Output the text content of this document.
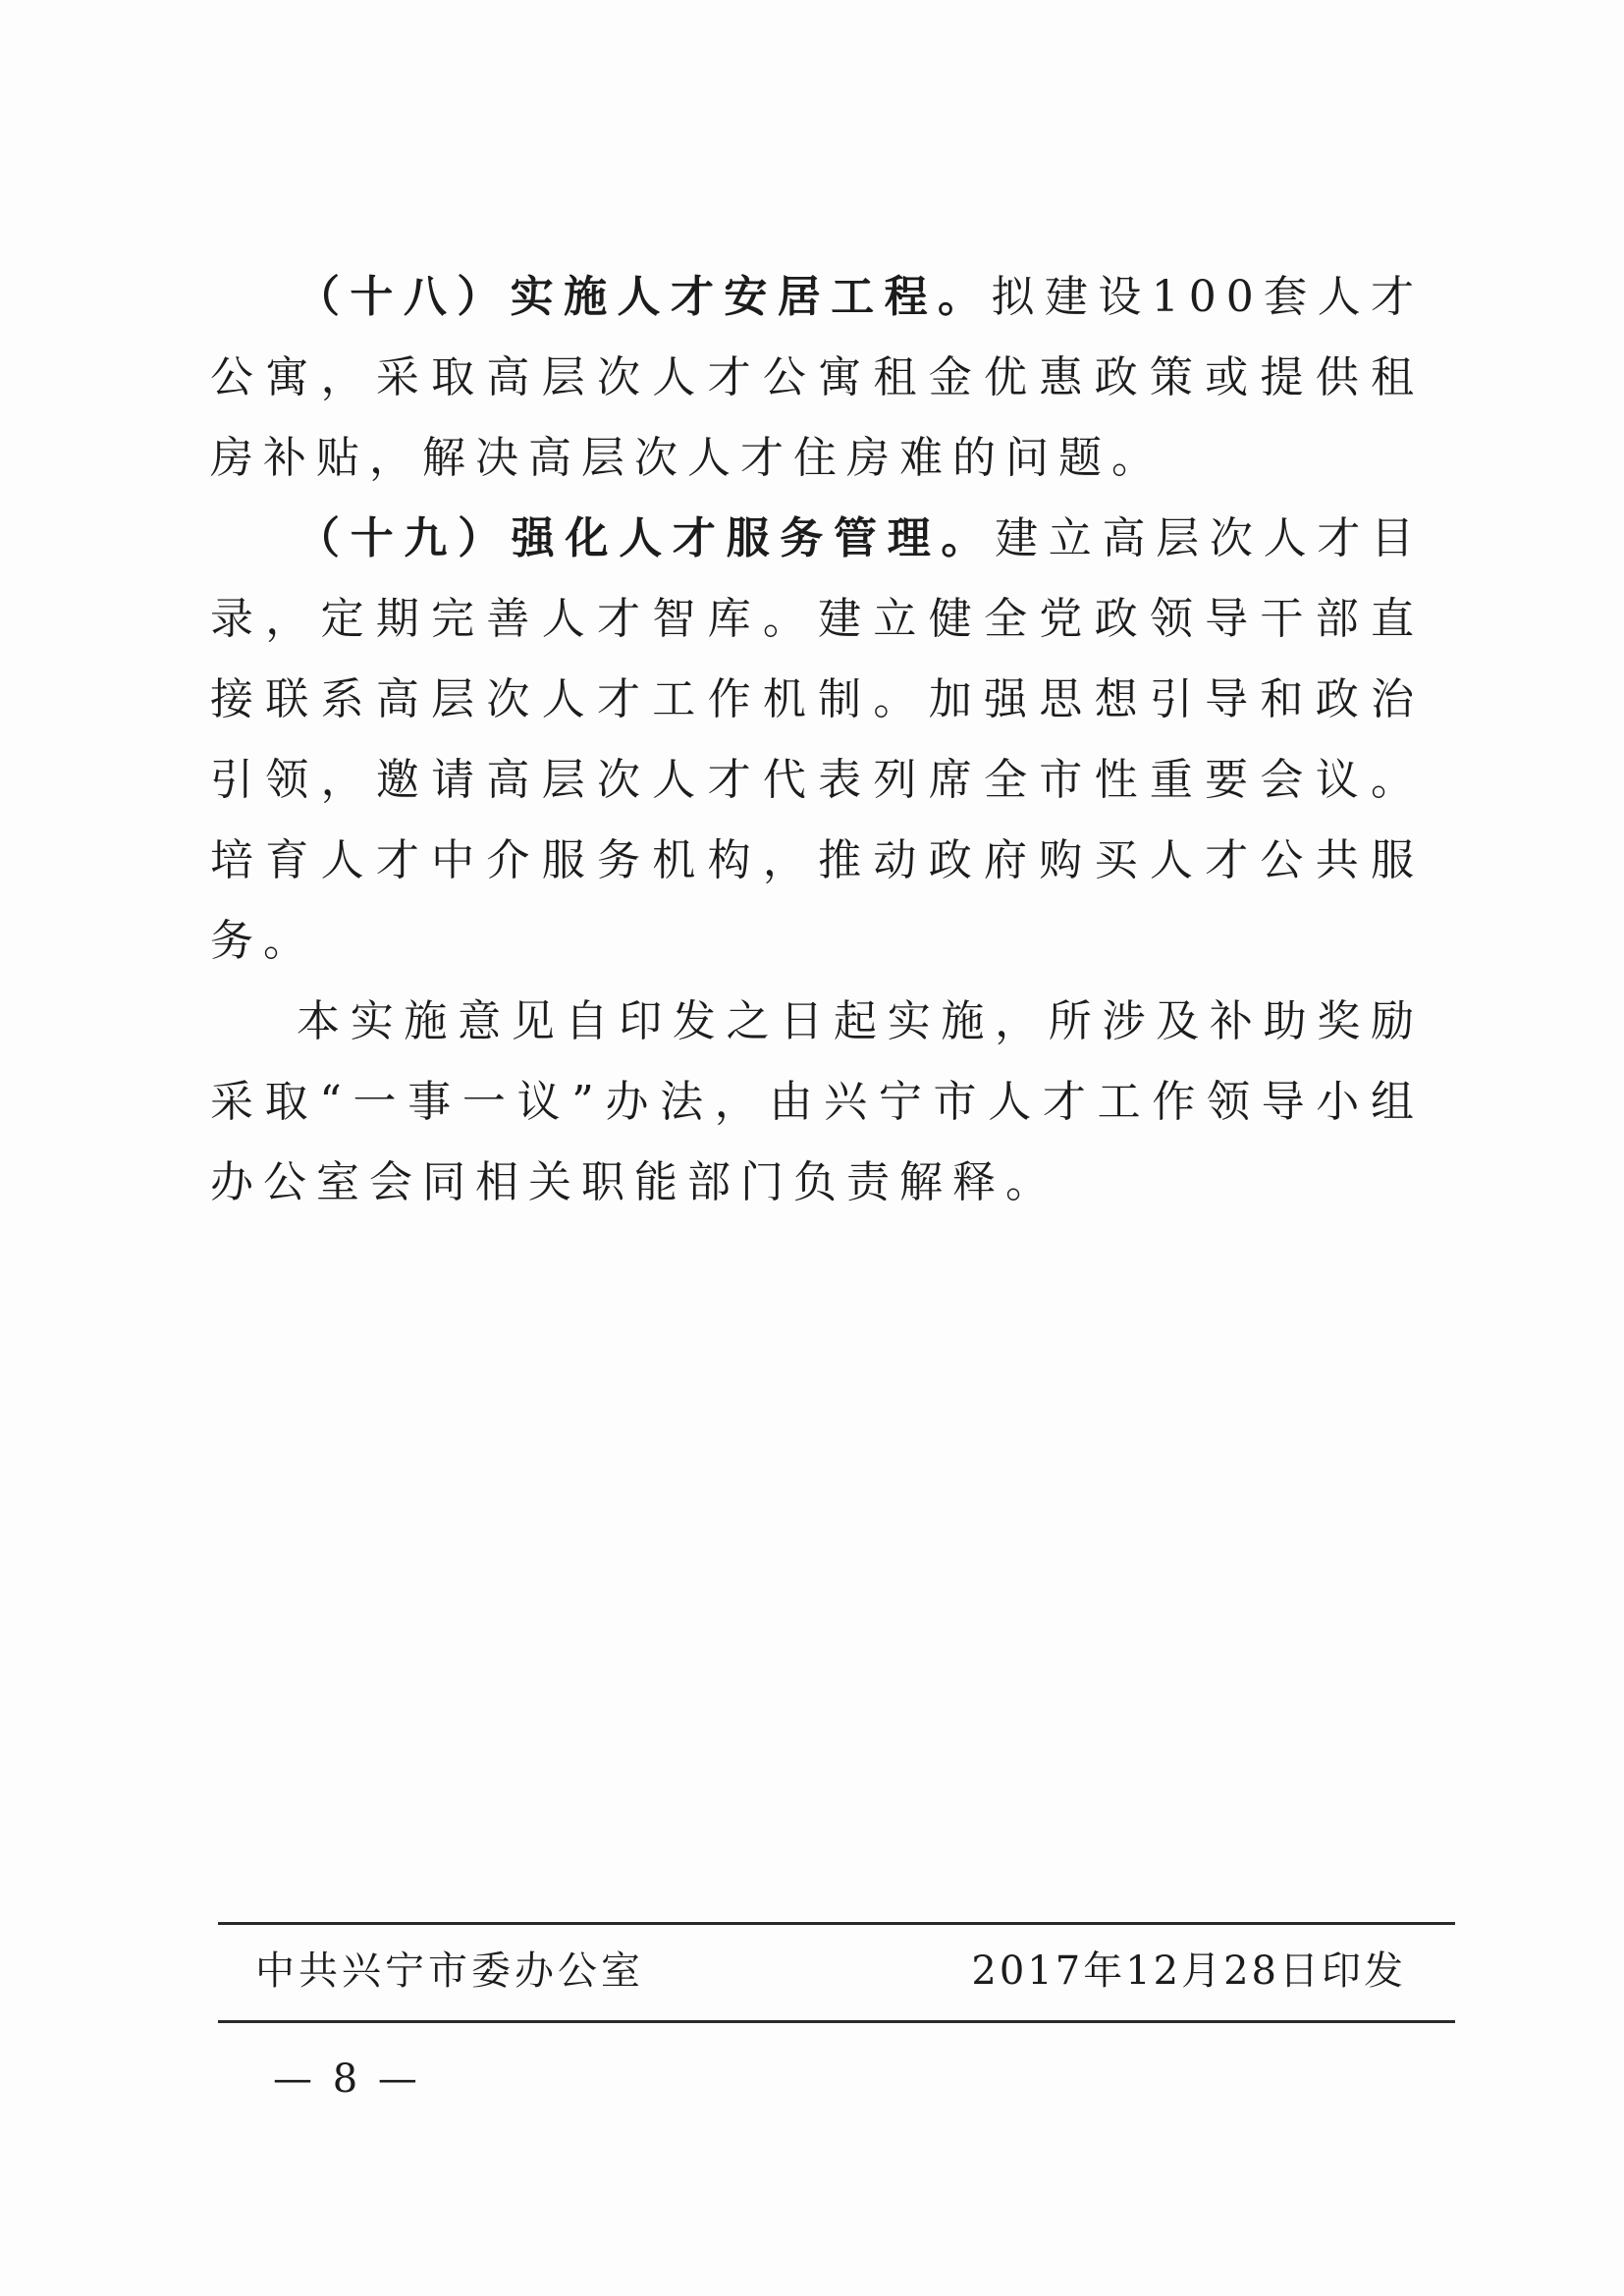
（十八）实施人才安居工程。拟建设100套人才公寓，采取高层次人才公寓租金优惠政策或提供租房补贴，解决高层次人才住房难的问题。

（十九）强化人才服务管理。建立高层次人才目录，定期完善人才智库。建立健全党政领导干部直接联系高层次人才工作机制。加强思想引导和政治引领，邀请高层次人才代表列席全市性重要会议。培育人才中介服务机构，推动政府购买人才公共服务。

本实施意见自印发之日起实施，所涉及补助奖励采取“一事一议”办法，由兴宁市人才工作领导小组办公室会同相关职能部门负责解释。

中共兴宁市委办公室	2017年12月28日印发
— 8 —
